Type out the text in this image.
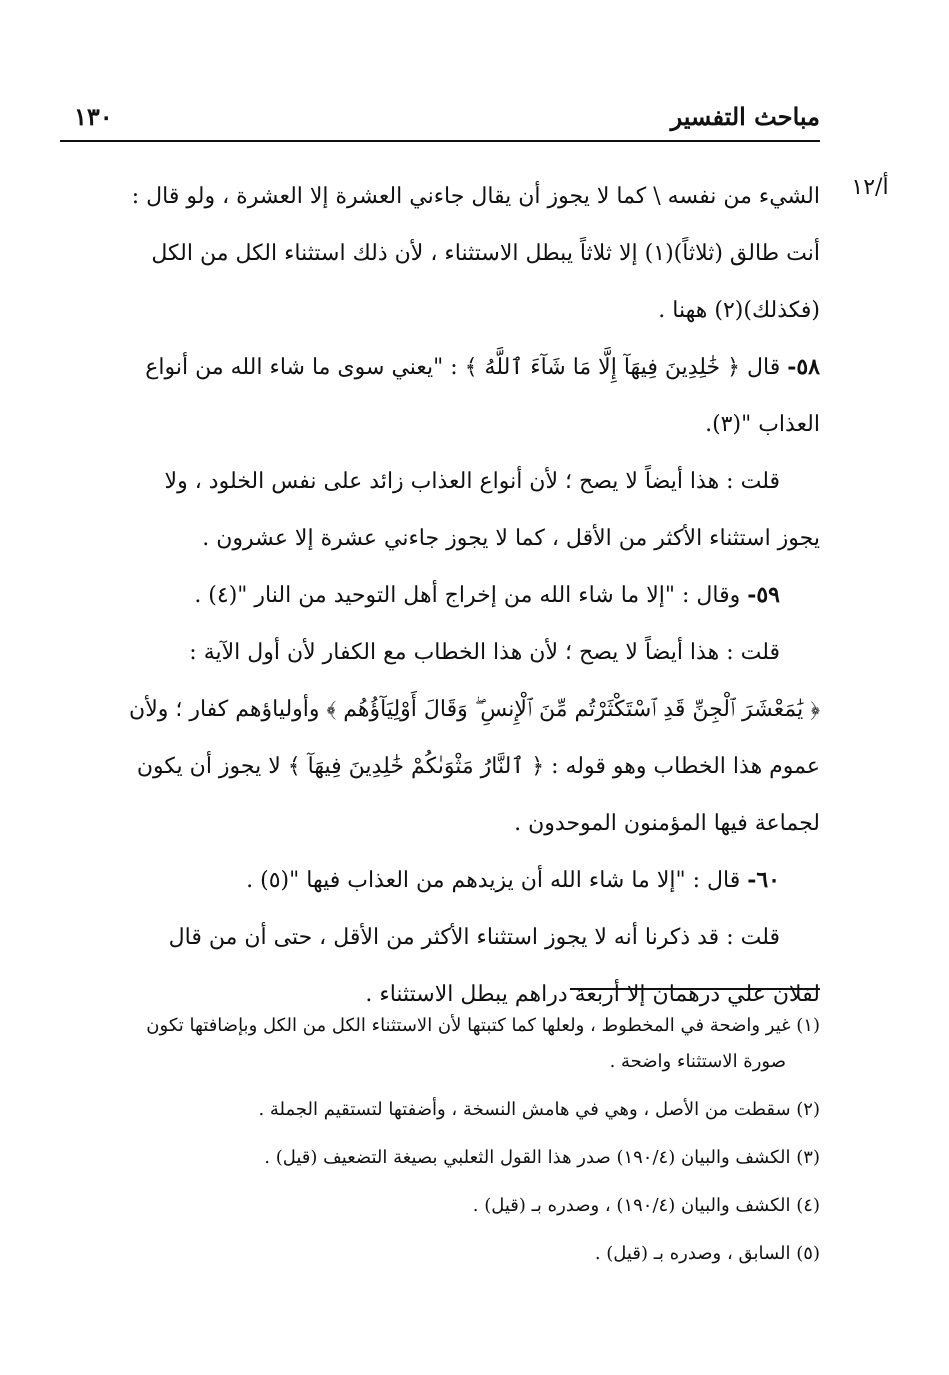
مباحث التفسير
١٣٠
أ/١٢

الشيء من نفسه \ كما لا يجوز أن يقال جاءني العشرة إلا العشرة ، ولو قال :

أنت طالق (ثلاثاً)(١) إلا ثلاثاً يبطل الاستثناء ، لأن ذلك استثناء الكل من الكل

(فكذلك)(٢) ههنا .

٥٨- قال ﴿ خَٰلِدِينَ فِيهَآ إِلَّا مَا شَآءَ ٱللَّهُ ﴾ : "يعني سوى ما شاء الله من أنواع

العذاب "(٣).

قلت : هذا أيضاً لا يصح ؛ لأن أنواع العذاب زائد على نفس الخلود ، ولا

يجوز استثناء الأكثر من الأقل ، كما لا يجوز جاءني عشرة إلا عشرون .

٥٩- وقال : "إلا ما شاء الله من إخراج أهل التوحيد من النار "(٤) .

قلت : هذا أيضاً لا يصح ؛ لأن هذا الخطاب مع الكفار لأن أول الآية :

﴿ يَٰمَعْشَرَ ٱلْجِنِّ قَدِ ٱسْتَكْثَرْتُم مِّنَ ٱلْإِنسِ ۖ وَقَالَ أَوْلِيَآؤُهُم ﴾ وأولياؤهم كفار ؛ ولأن

عموم هذا الخطاب وهو قوله : ﴿ ٱلنَّارُ مَثْوَىٰكُمْ خَٰلِدِينَ فِيهَآ ﴾ لا يجوز أن يكون

لجماعة فيها المؤمنون الموحدون .

٦٠- قال : "إلا ما شاء الله أن يزيدهم من العذاب فيها "(٥) .

قلت : قد ذكرنا أنه لا يجوز استثناء الأكثر من الأقل ، حتى أن من قال

لفلان علي درهمان إلا أربعة دراهم يبطل الاستثناء .

(١) غير واضحة في المخطوط ، ولعلها كما كتبتها لأن الاستثناء الكل من الكل وبإضافتها تكون
صورة الاستثناء واضحة .

(٢) سقطت من الأصل ، وهي في هامش النسخة ، وأضفتها لتستقيم الجملة .

(٣) الكشف والبيان (١٩٠/٤) صدر هذا القول الثعلبي بصيغة التضعيف (قيل) .

(٤) الكشف والبيان (١٩٠/٤) ، وصدره بـ (قيل) .

(٥) السابق ، وصدره بـ (قيل) .
